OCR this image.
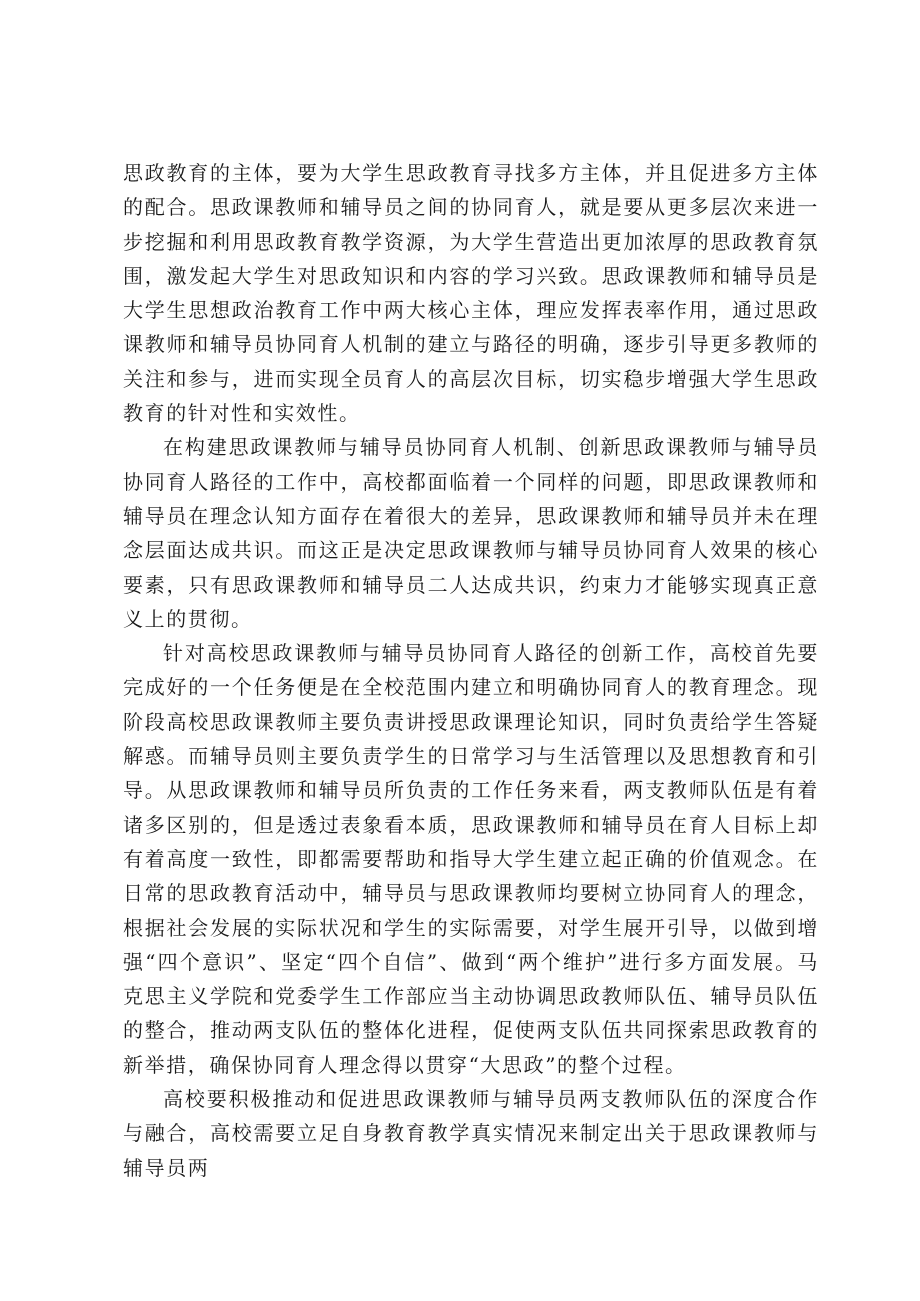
思政教育的主体，要为大学生思政教育寻找多方主体，并且促进多方主体的配合。思政课教师和辅导员之间的协同育人，就是要从更多层次来进一步挖掘和利用思政教育教学资源，为大学生营造出更加浓厚的思政教育氛围，激发起大学生对思政知识和内容的学习兴致。思政课教师和辅导员是大学生思想政治教育工作中两大核心主体，理应发挥表率作用，通过思政课教师和辅导员协同育人机制的建立与路径的明确，逐步引导更多教师的关注和参与，进而实现全员育人的高层次目标，切实稳步增强大学生思政教育的针对性和实效性。

在构建思政课教师与辅导员协同育人机制、创新思政课教师与辅导员协同育人路径的工作中，高校都面临着一个同样的问题，即思政课教师和辅导员在理念认知方面存在着很大的差异，思政课教师和辅导员并未在理念层面达成共识。而这正是决定思政课教师与辅导员协同育人效果的核心要素，只有思政课教师和辅导员二人达成共识，约束力才能够实现真正意义上的贯彻。

针对高校思政课教师与辅导员协同育人路径的创新工作，高校首先要完成好的一个任务便是在全校范围内建立和明确协同育人的教育理念。现阶段高校思政课教师主要负责讲授思政课理论知识，同时负责给学生答疑解惑。而辅导员则主要负责学生的日常学习与生活管理以及思想教育和引导。从思政课教师和辅导员所负责的工作任务来看，两支教师队伍是有着诸多区别的，但是透过表象看本质，思政课教师和辅导员在育人目标上却有着高度一致性，即都需要帮助和指导大学生建立起正确的价值观念。在日常的思政教育活动中，辅导员与思政课教师均要树立协同育人的理念，根据社会发展的实际状况和学生的实际需要，对学生展开引导，以做到增强“四个意识”、坚定“四个自信”、做到“两个维护”进行多方面发展。马克思主义学院和党委学生工作部应当主动协调思政教师队伍、辅导员队伍的整合，推动两支队伍的整体化进程，促使两支队伍共同探索思政教育的新举措，确保协同育人理念得以贯穿“大思政”的整个过程。

高校要积极推动和促进思政课教师与辅导员两支教师队伍的深度合作与融合，高校需要立足自身教育教学真实情况来制定出关于思政课教师与辅导员两
